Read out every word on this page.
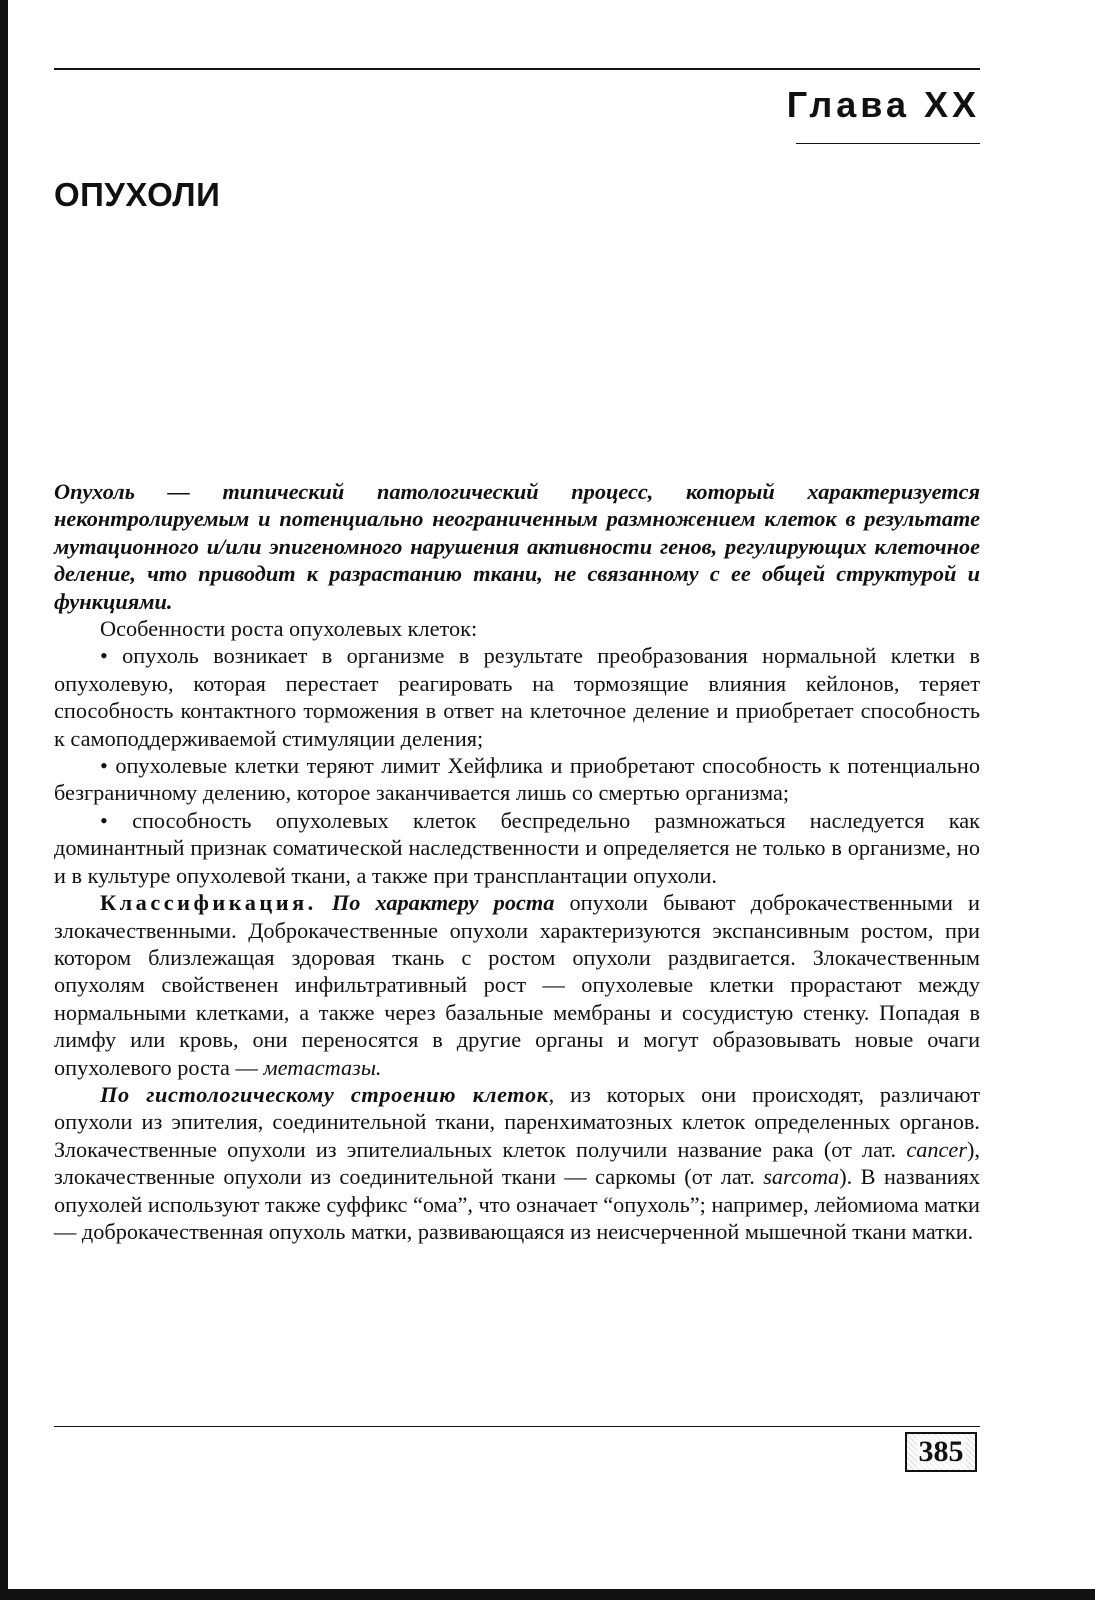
Глава XX
ОПУХОЛИ

Опухоль — типический патологический процесс, который характеризуется неконтролируемым и потенциально неограниченным размножением клеток в результате мутационного и/или эпигеномного нарушения активности генов, регулирующих клеточное деление, что приводит к разрастанию ткани, не связанному с ее общей структурой и функциями.

Особенности роста опухолевых клеток:

• опухоль возникает в организме в результате преобразования нормальной клетки в опухолевую, которая перестает реагировать на тормозящие влияния кейлонов, теряет способность контактного торможения в ответ на клеточное деление и приобретает способность к самоподдерживаемой стимуляции деления;

• опухолевые клетки теряют лимит Хейфлика и приобретают способность к потенциально безграничному делению, которое заканчивается лишь со смертью организма;

• способность опухолевых клеток беспредельно размножаться наследуется как доминантный признак соматической наследственности и определяется не только в организме, но и в культуре опухолевой ткани, а также при трансплантации опухоли.

Классификация. По характеру роста опухоли бывают доброкачественными и злокачественными. Доброкачественные опухоли характеризуются экспансивным ростом, при котором близлежащая здоровая ткань с ростом опухоли раздвигается. Злокачественным опухолям свойственен инфильтративный рост — опухолевые клетки прорастают между нормальными клетками, а также через базальные мембраны и сосудистую стенку. Попадая в лимфу или кровь, они переносятся в другие органы и могут образовывать новые очаги опухолевого роста — метастазы.

По гистологическому строению клеток, из которых они происходят, различают опухоли из эпителия, соединительной ткани, паренхиматозных клеток определенных органов. Злокачественные опухоли из эпителиальных клеток получили название рака (от лат. cancer), злокачественные опухоли из соединительной ткани — саркомы (от лат. sarcoma). В названиях опухолей используют также суффикс “ома”, что означает “опухоль”; например, лейомиома матки — доброкачественная опухоль матки, развивающаяся из неисчерченной мышечной ткани матки.

385
